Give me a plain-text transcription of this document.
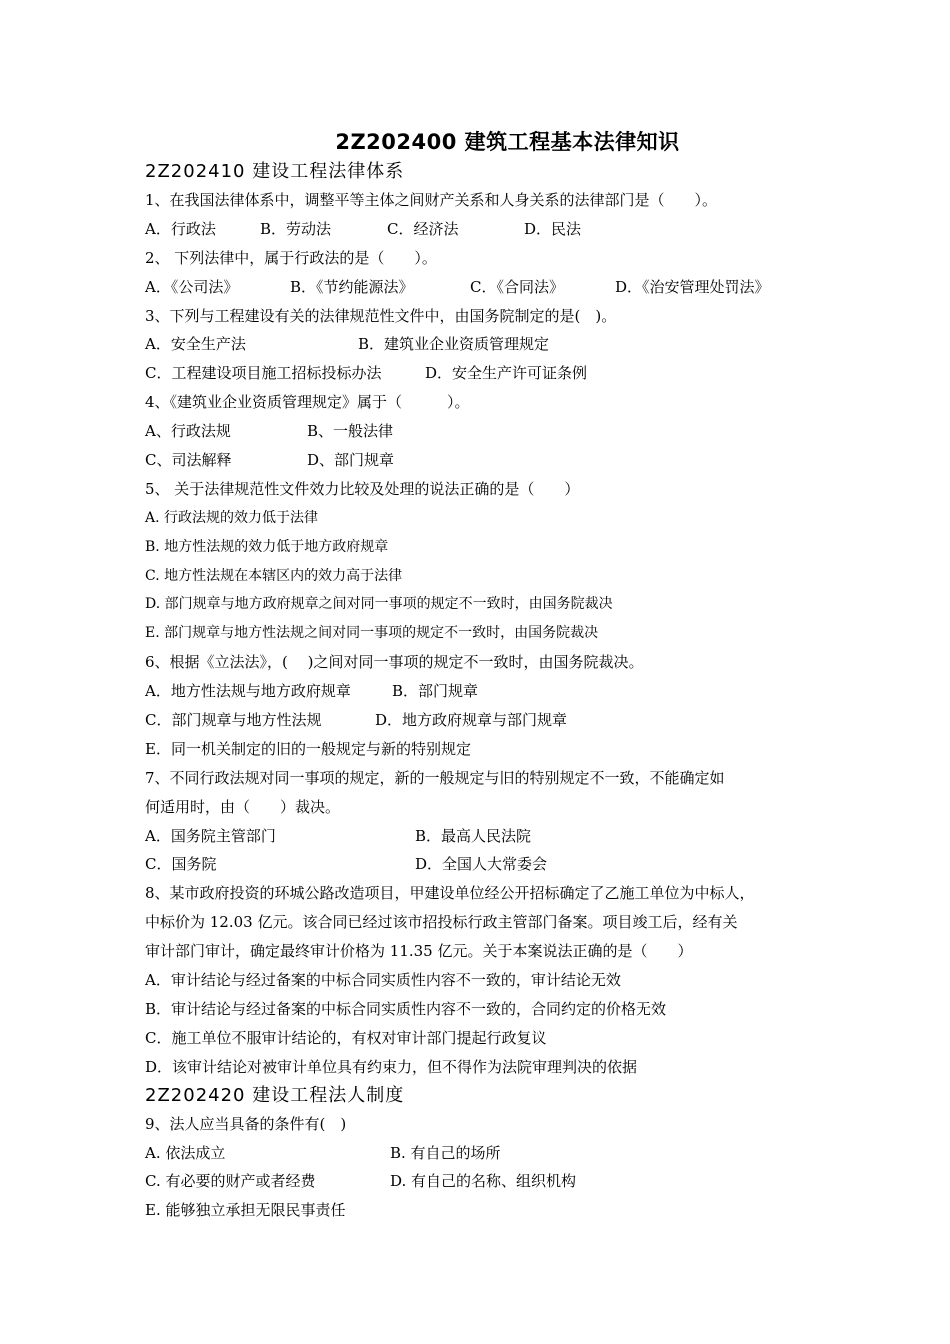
2Z202400 建筑工程基本法律知识
2Z202410 建设工程法律体系
1、在我国法律体系中，调整平等主体之间财产关系和人身关系的法律部门是（　　）。
A．行政法	B．劳动法	C．经济法	D．民法
2、 下列法律中，属于行政法的是（　　）。
A．《公司法》	B．《节约能源法》	C．《合同法》	D．《治安管理处罚法》
3、下列与工程建设有关的法律规范性文件中，由国务院制定的是(　)。
A．安全生产法	B．建筑业企业资质管理规定
C．工程建设项目施工招标投标办法	D．安全生产许可证条例
4、《建筑业企业资质管理规定》属于（　　　）。
A、行政法规	B、一般法律
C、司法解释	D、部门规章
5、 关于法律规范性文件效力比较及处理的说法正确的是（　　）
A. 行政法规的效力低于法律
B. 地方性法规的效力低于地方政府规章
C. 地方性法规在本辖区内的效力高于法律
D. 部门规章与地方政府规章之间对同一事项的规定不一致时，由国务院裁决
E. 部门规章与地方性法规之间对同一事项的规定不一致时，由国务院裁决
6、根据《立法法》，(　 )之间对同一事项的规定不一致时，由国务院裁决。
A．地方性法规与地方政府规章	B．部门规章
C．部门规章与地方性法规	D．地方政府规章与部门规章
E．同一机关制定的旧的一般规定与新的特别规定
7、不同行政法规对同一事项的规定，新的一般规定与旧的特别规定不一致，不能确定如
何适用时，由（　　）裁决。
A．国务院主管部门	B．最高人民法院
C．国务院	D．全国人大常委会
8、某市政府投资的环城公路改造项目，甲建设单位经公开招标确定了乙施工单位为中标人，
中标价为 12.03 亿元。该合同已经过该市招投标行政主管部门备案。项目竣工后，经有关
审计部门审计，确定最终审计价格为 11.35 亿元。关于本案说法正确的是（　　）
A．审计结论与经过备案的中标合同实质性内容不一致的，审计结论无效
B．审计结论与经过备案的中标合同实质性内容不一致的，合同约定的价格无效
C．施工单位不服审计结论的，有权对审计部门提起行政复议
D．该审计结论对被审计单位具有约束力，但不得作为法院审理判决的依据
2Z202420 建设工程法人制度
9、法人应当具备的条件有(　)
A. 依法成立	B. 有自己的场所
C. 有必要的财产或者经费	D. 有自己的名称、组织机构
E. 能够独立承担无限民事责任
